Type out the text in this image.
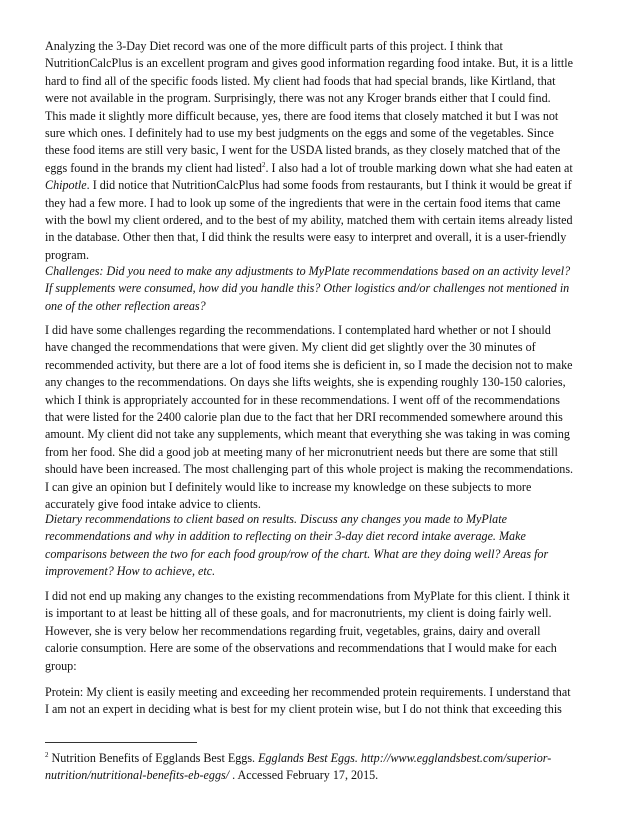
Analyzing the 3-Day Diet record was one of the more difficult parts of this project. I think that
NutritionCalcPlus is an excellent program and gives good information regarding food intake. But, it is a little
hard to find all of the specific foods listed. My client had foods that had special brands, like Kirtland, that
were not available in the program. Surprisingly, there was not any Kroger brands either that I could find.
This made it slightly more difficult because, yes, there are food items that closely matched it but I was not
sure which ones. I definitely had to use my best judgments on the eggs and some of the vegetables. Since
these food items are still very basic, I went for the USDA listed brands, as they closely matched that of the
eggs found in the brands my client had listed$^2$. I also had a lot of trouble marking down what she had eaten at
Chipotle. I did notice that NutritionCalcPlus had some foods from restaurants, but I think it would be great if
they had a few more. I had to look up some of the ingredients that were in the certain food items that came
with the bowl my client ordered, and to the best of my ability, matched them with certain items already listed
in the database. Other then that, I did think the results were easy to interpret and overall, it is a user-friendly
program.
Challenges: Did you need to make any adjustments to MyPlate recommendations based on an activity level?
If supplements were consumed, how did you handle this? Other logistics and/or challenges not mentioned in
one of the other reflection areas?
I did have some challenges regarding the recommendations. I contemplated hard whether or not I should
have changed the recommendations that were given. My client did get slightly over the 30 minutes of
recommended activity, but there are a lot of food items she is deficient in, so I made the decision not to make
any changes to the recommendations. On days she lifts weights, she is expending roughly 130-150 calories,
which I think is appropriately accounted for in these recommendations. I went off of the recommendations
that were listed for the 2400 calorie plan due to the fact that her DRI recommended somewhere around this
amount. My client did not take any supplements, which meant that everything she was taking in was coming
from her food. She did a good job at meeting many of her micronutrient needs but there are some that still
should have been increased. The most challenging part of this whole project is making the recommendations.
I can give an opinion but I definitely would like to increase my knowledge on these subjects to more
accurately give food intake advice to clients.
Dietary recommendations to client based on results. Discuss any changes you made to MyPlate
recommendations and why in addition to reflecting on their 3-day diet record intake average. Make
comparisons between the two for each food group/row of the chart. What are they doing well? Areas for
improvement? How to achieve, etc.
I did not end up making any changes to the existing recommendations from MyPlate for this client. I think it
is important to at least be hitting all of these goals, and for macronutrients, my client is doing fairly well.
However, she is very below her recommendations regarding fruit, vegetables, grains, dairy and overall
calorie consumption. Here are some of the observations and recommendations that I would make for each
group:
Protein: My client is easily meeting and exceeding her recommended protein requirements. I understand that
I am not an expert in deciding what is best for my client protein wise, but I do not think that exceeding this
$^2$ Nutrition Benefits of Egglands Best Eggs. Egglands Best Eggs. http://www.egglandsbest.com/superior-
nutrition/nutritional-benefits-eb-eggs/ . Accessed February 17, 2015.
